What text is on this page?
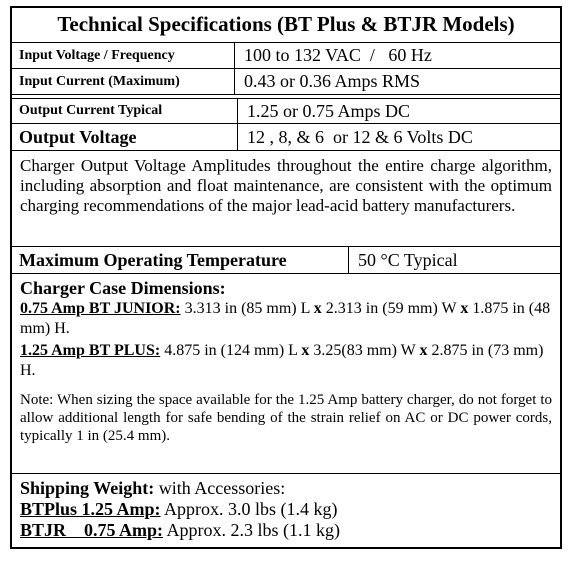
Technical Specifications (BT Plus & BTJR Models)
Input Voltage / Frequency	100 to 132 VAC  /   60 Hz
Input Current (Maximum)	0.43 or 0.36 Amps RMS
Output Current Typical	1.25 or 0.75 Amps DC
Output Voltage	12 , 8, & 6  or 12 & 6 Volts DC
Charger Output Voltage Amplitudes throughout the entire charge algorithm, including absorption and float maintenance, are consistent with the optimum charging recommendations of the major lead-acid battery manufacturers.
Maximum Operating Temperature	50 °C Typical
Charger Case Dimensions:
0.75 Amp BT JUNIOR: 3.313 in (85 mm) L x 2.313 in (59 mm) W x 1.875 in (48 mm) H.
1.25 Amp BT PLUS: 4.875 in (124 mm) L x 3.25(83 mm) W x 2.875 in (73 mm) H.
Note: When sizing the space available for the 1.25 Amp battery charger, do not forget to allow additional length for safe bending of the strain relief on AC or DC power cords, typically 1 in (25.4 mm).
Shipping Weight: with Accessories:
BTPlus 1.25 Amp: Approx. 3.0 lbs (1.4 kg)
BTJR    0.75 Amp: Approx. 2.3 lbs (1.1 kg)
